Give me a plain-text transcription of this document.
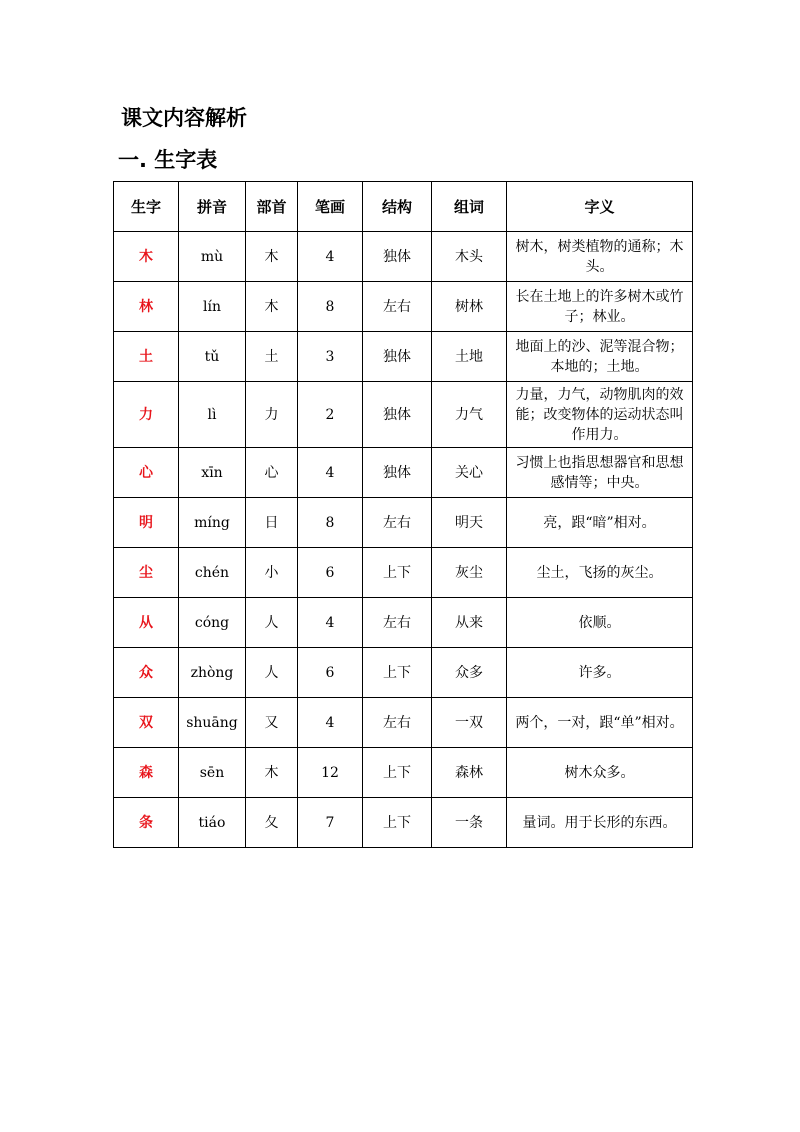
课文内容解析
一. 生字表
生字	拼音	部首	笔画	结构	组词	字义
木	mù	木	4	独体	木头	树木，树类植物的通称；木头。
林	lín	木	8	左右	树林	长在土地上的许多树木或竹子；林业。
土	tǔ	土	3	独体	土地	地面上的沙、泥等混合物；本地的；土地。
力	lì	力	2	独体	力气	力量，力气，动物肌肉的效能；改变物体的运动状态叫作用力。
心	xīn	心	4	独体	关心	习惯上也指思想器官和思想感情等；中央。
明	míng	日	8	左右	明天	亮，跟“暗”相对。
尘	chén	小	6	上下	灰尘	尘土，飞扬的灰尘。
从	cóng	人	4	左右	从来	依顺。
众	zhòng	人	6	上下	众多	许多。
双	shuāng	又	4	左右	一双	两个，一对，跟“单”相对。
森	sēn	木	12	上下	森林	树木众多。
条	tiáo	夂	7	上下	一条	量词。用于长形的东西。
